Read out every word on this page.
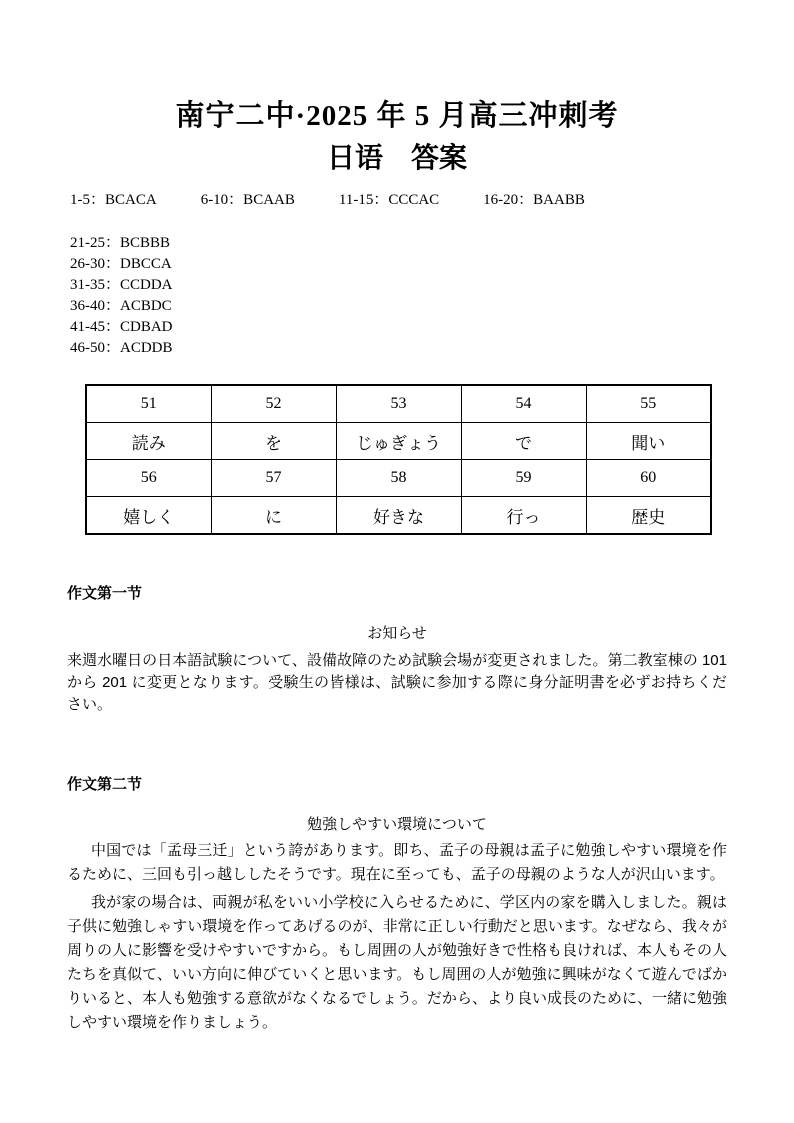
南宁二中·2025 年 5 月高三冲刺考
日语　答案
1-5：BCACA	6-10：BCAAB	11-15：CCCAC	16-20：BAABB
21-25：BCBBB
26-30：DBCCA
31-35：CCDDA
36-40：ACBDC
41-45：CDBAD
46-50：ACDDB
51	52	53	54	55
読み	を	じゅぎょう	で	聞い
56	57	58	59	60
嬉しく	に	好きな	行っ	歴史
作文第一节

お知らせ

来週水曜日の日本語試験について、設備故障のため試験会場が変更されました。第二教室棟の 101 から 201 に変更となります。受験生の皆様は、試験に参加する際に身分証明書を必ずお持ちください。

作文第二节

勉強しやすい環境について

中国では「孟母三迁」という誇があります。即ち、孟子の母親は孟子に勉強しやすい環境を作るために、三回も引っ越ししたそうです。現在に至っても、孟子の母親のような人が沢山います。

我が家の場合は、両親が私をいい小学校に入らせるために、学区内の家を購入しました。親は子供に勉強しゃすい環境を作ってあげるのが、非常に正しい行動だと思います。なぜなら、我々が周りの人に影響を受けやすいですから。もし周囲の人が勉強好きで性格も良ければ、本人もその人たちを真似て、いい方向に伸びていくと思います。もし周囲の人が勉強に興味がなくて遊んでばかりいると、本人も勉強する意欲がなくなるでしょう。だから、より良い成長のために、一緒に勉強しやすい環境を作りましょう。
